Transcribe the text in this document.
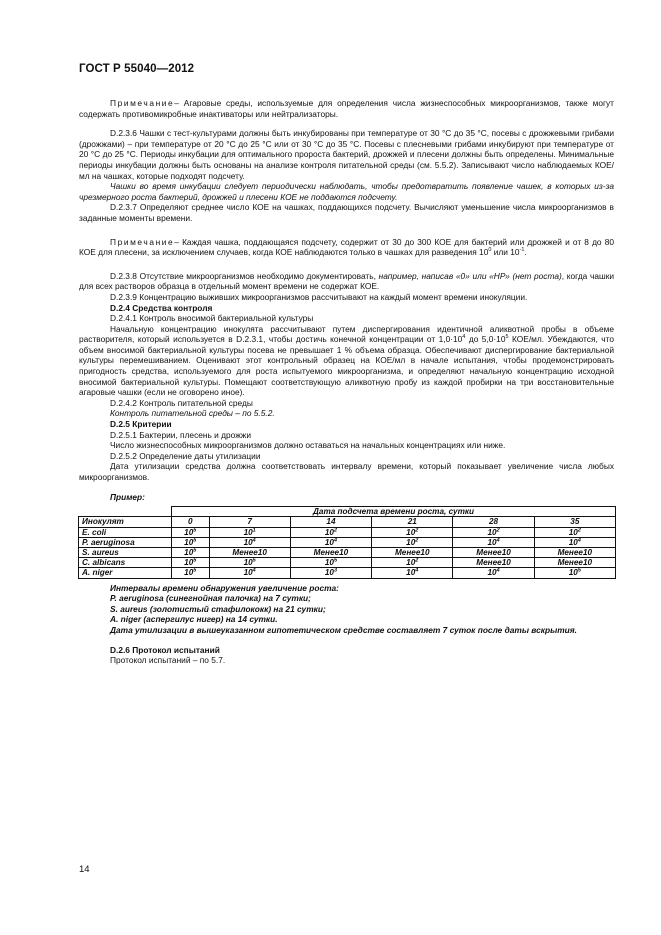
ГОСТ Р 55040—2012

Примечание– Агаровые среды, используемые для определения числа жизнеспособных микроорганизмов, также могут содержать противомикробные инактиваторы или нейтрализаторы.

D.2.3.6 Чашки с тест-культурами должны быть инкубированы при температуре от 30 °С до 35 °С, посевы с дрожжевыми грибами (дрожжами) – при температуре от 20 °С до 25 °С или от 30 °С до 35 °С. Посевы с плесневыми грибами инкубируют при температуре от 20 °С до 25 °С. Периоды инкубации для оптимального пророста бактерий, дрожжей и плесени должны быть определены. Минимальные периоды инкубации должны быть основаны на анализе контроля питательной среды (см. 5.5.2). Записывают число наблюдаемых КОЕ/мл на чашках, которые подходят подсчету.

Чашки во время инкубации следует периодически наблюдать, чтобы предотвратить появление чашек, в которых из-за чрезмерного роста бактерий, дрожжей и плесени КОЕ не поддаются подсчету.

D.2.3.7 Определяют среднее число КОЕ на чашках, поддающихся подсчету. Вычисляют уменьшение числа микроорганизмов в заданные моменты времени.

Примечание– Каждая чашка, поддающаяся подсчету, содержит от 30 до 300 КОЕ для бактерий или дрожжей и от 8 до 80 КОЕ для плесени, за исключением случаев, когда КОЕ наблюдаются только в чашках для разведения $10^0$ или $10^{-1}$.

D.2.3.8 Отсутствие микроорганизмов необходимо документировать, например, написав «0» или «НР» (нет роста), когда чашки для всех растворов образца в отдельный момент времени не содержат КОЕ.

D.2.3.9 Концентрацию выживших микроорганизмов рассчитывают на каждый момент времени инокуляции.

D.2.4 Средства контроля

D.2.4.1 Контроль вносимой бактериальной культуры

Начальную концентрацию инокулята рассчитывают путем диспергирования идентичной аликвотной пробы в объеме растворителя, который используется в D.2.3.1, чтобы достичь конечной концентрации от $1,0\cdot 10^4$ до $5,0\cdot 10^5$ КОЕ/мл. Убеждаются, что объем вносимой бактериальной культуры посева не превышает 1 % объема образца. Обеспечивают диспергирование бактериальной культуры перемешиванием. Оценивают этот контрольный образец на КОЕ/мл в начале испытания, чтобы продемонстрировать пригодность средства, используемого для роста испытуемого микроорганизма, и определяют начальную концентрацию исходной вносимой бактериальной культуры. Помещают соответствующую аликвотную пробу из каждой пробирки на три восстановительные агаровые чашки (если не оговорено иное).

D.2.4.2 Контроль питательной среды

Контроль питательной среды – по 5.5.2.

D.2.5 Критерии

D.2.5.1 Бактерии, плесень и дрожжи

Число жизнеспособных микроорганизмов должно оставаться на начальных концентрациях или ниже.

D.2.5.2 Определение даты утилизации

Дата утилизации средства должна соответствовать интервалу времени, который показывает увеличение числа любых микроорганизмов.

Пример:

	Дата подсчета времени роста, сутки					
Инокулят	0	7	14	21	28	35
E. coli	$10^5$	$10^1$	$10^2$	$10^2$	$10^2$	$10^2$
P. aeruginosa	$10^5$	$10^4$	$10^4$	$10^2$	$10^4$	$10^4$
S. aureus	$10^5$	Менее10	Менее10	Менее10	Менее10	Менее10
C. albicans	$10^5$	$10^5$	$10^5$	$10^2$	Менее10	Менее10
A. niger	$10^5$	$10^4$	$10^3$	$10^4$	$10^4$	$10^5$

Интервалы времени обнаружения увеличение роста:

P. aeruginosa (синегнойная палочка) на 7 сутки;

S. aureus (золотистый стафилококк) на 21 сутки;

A. niger (аспергилус нигер) на 14 сутки.

Дата утилизации в вышеуказанном гипотетическом средстве составляет 7 суток после даты вскрытия.

D.2.6 Протокол испытаний

Протокол испытаний – по 5.7.

14
